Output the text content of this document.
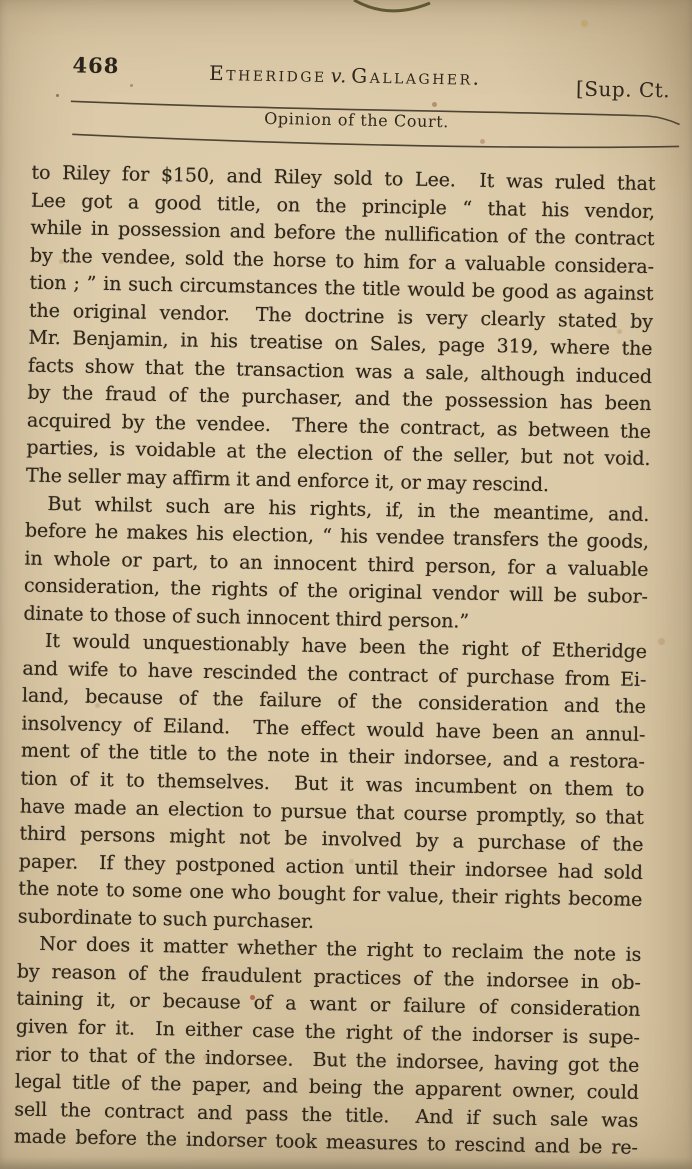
468	Etheridge v. Gallagher.	[Sup. Ct.
Opinion of the Court.
to Riley for $150, and Riley sold to Lee.  It was ruled that
Lee got a good title, on the principle “ that his vendor,
while in possession and before the nullification of the contract
by the vendee, sold the horse to him for a valuable considera-
tion ; ” in such circumstances the title would be good as against
the original vendor.  The doctrine is very clearly stated by
Mr. Benjamin, in his treatise on Sales, page 319, where the
facts show that the transaction was a sale, although induced
by the fraud of the purchaser, and the possession has been
acquired by the vendee.  There the contract, as between the
parties, is voidable at the election of the seller, but not void.
The seller may affirm it and enforce it, or may rescind.
But whilst such are his rights, if, in the meantime, and.
before he makes his election, “ his vendee transfers the goods,
in whole or part, to an innocent third person, for a valuable
consideration, the rights of the original vendor will be subor-
dinate to those of such innocent third person.”
It would unquestionably have been the right of Etheridge
and wife to have rescinded the contract of purchase from Ei-
land, because of the failure of the consideration and the
insolvency of Eiland.  The effect would have been an annul-
ment of the title to the note in their indorsee, and a restora-
tion of it to themselves.  But it was incumbent on them to
have made an election to pursue that course promptly, so that
third persons might not be involved by a purchase of the
paper.  If they postponed action until their indorsee had sold
the note to some one who bought for value, their rights become
subordinate to such purchaser.
Nor does it matter whether the right to reclaim the note is
by reason of the fraudulent practices of the indorsee in ob-
taining it, or because of a want or failure of consideration
given for it.  In either case the right of the indorser is supe-
rior to that of the indorsee.  But the indorsee, having got the
legal title of the paper, and being the apparent owner, could
sell the contract and pass the title.  And if such sale was
made before the indorser took measures to rescind and be re-
